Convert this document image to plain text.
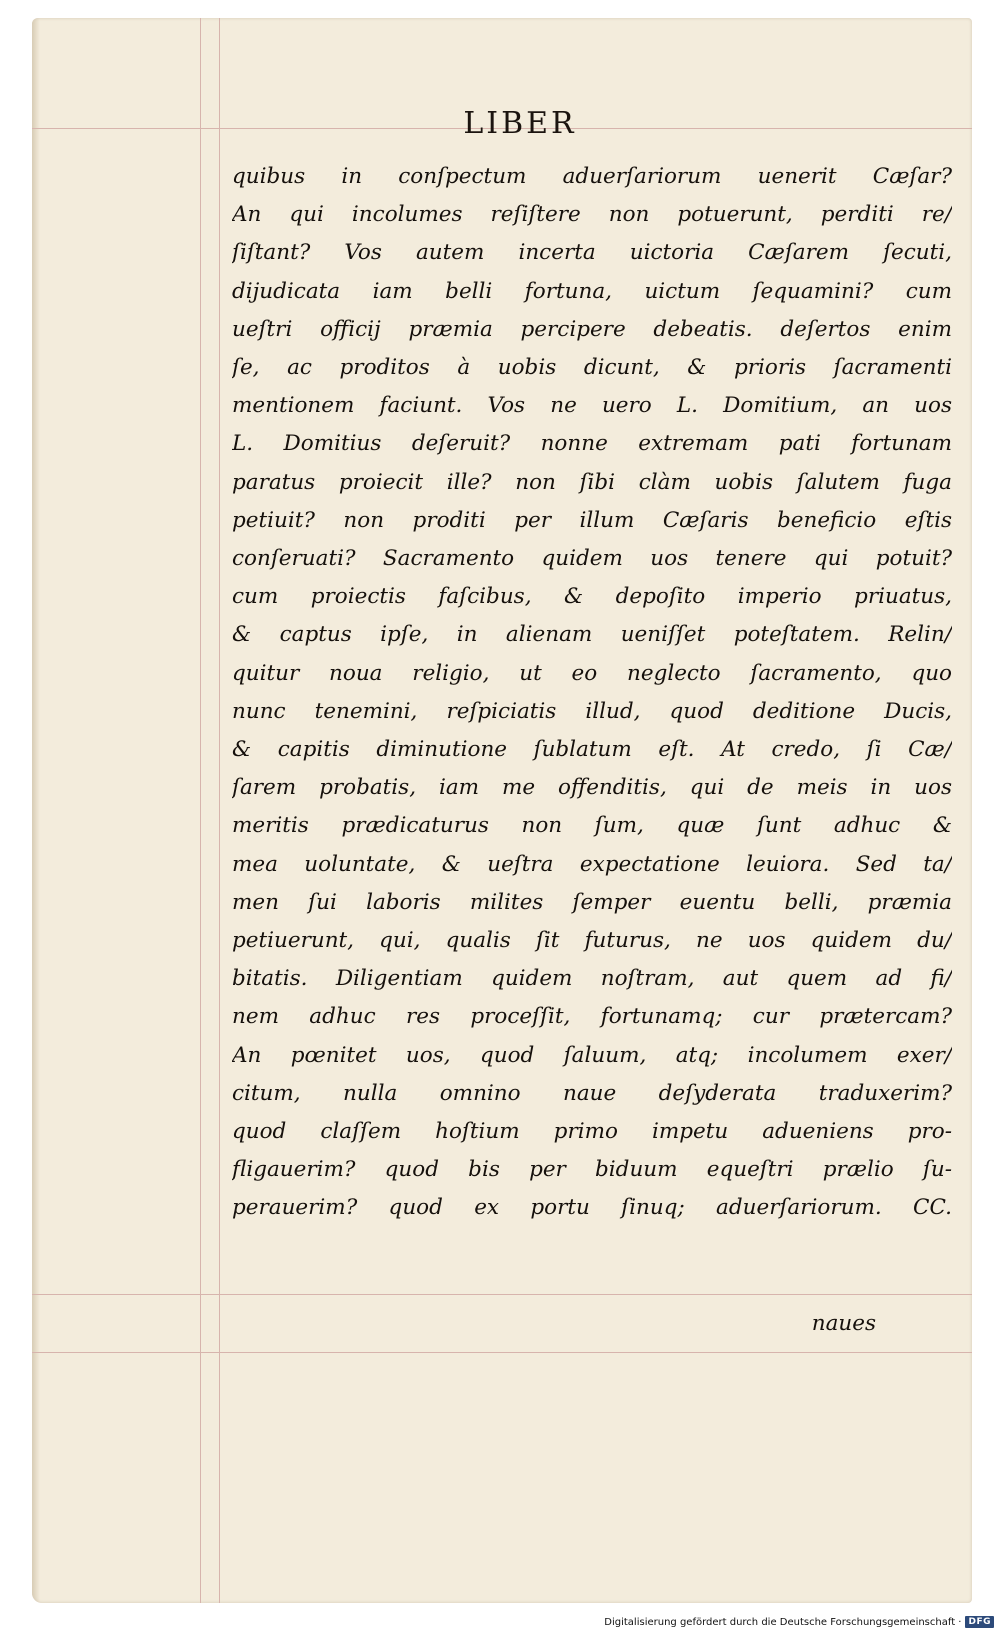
LIBER
quibus in conſpectum aduerſariorum uenerit Cæſar?
An qui incolumes reſiſtere non potuerunt, perditi re/
ſiſtant? Vos autem incerta uictoria Cæſarem ſecuti,
dijudicata iam belli fortuna, uictum ſequamini? cum
ueſtri officij præmia percipere debeatis. deſertos enim
ſe, ac proditos à uobis dicunt, & prioris ſacramenti
mentionem faciunt. Vos ne uero L. Domitium, an uos
L. Domitius deſeruit? nonne extremam pati fortunam
paratus proiecit ille? non ſibi clàm uobis ſalutem fuga
petiuit? non proditi per illum Cæſaris beneficio eſtis
conſeruati? Sacramento quidem uos tenere qui potuit?
cum proiectis faſcibus, & depoſito imperio priuatus,
& captus ipſe, in alienam ueniſſet poteſtatem. Relin/
quitur noua religio, ut eo neglecto ſacramento, quo
nunc tenemini, reſpiciatis illud, quod deditione Ducis,
& capitis diminutione ſublatum eſt. At credo, ſi Cæ/
ſarem probatis, iam me offenditis, qui de meis in uos
meritis prædicaturus non ſum, quæ ſunt adhuc &
mea uoluntate, & ueſtra expectatione leuiora. Sed ta/
men ſui laboris milites ſemper euentu belli, præmia
petiuerunt, qui, qualis ſit futurus, ne uos quidem du/
bitatis. Diligentiam quidem noſtram, aut quem ad fi/
nem adhuc res proceſſit, fortunamq; cur prætercam?
An pœnitet uos, quod ſaluum, atq; incolumem exer/
citum, nulla omnino naue deſyderata traduxerim?
quod claſſem hoſtium primo impetu adueniens pro-
fligauerim? quod bis per biduum equeſtri prælio ſu-
perauerim? quod ex portu ſinuq; aduerſariorum. CC.
naues
Digitalisierung gefördert durch die Deutsche Forschungsgemeinschaft · DFG
